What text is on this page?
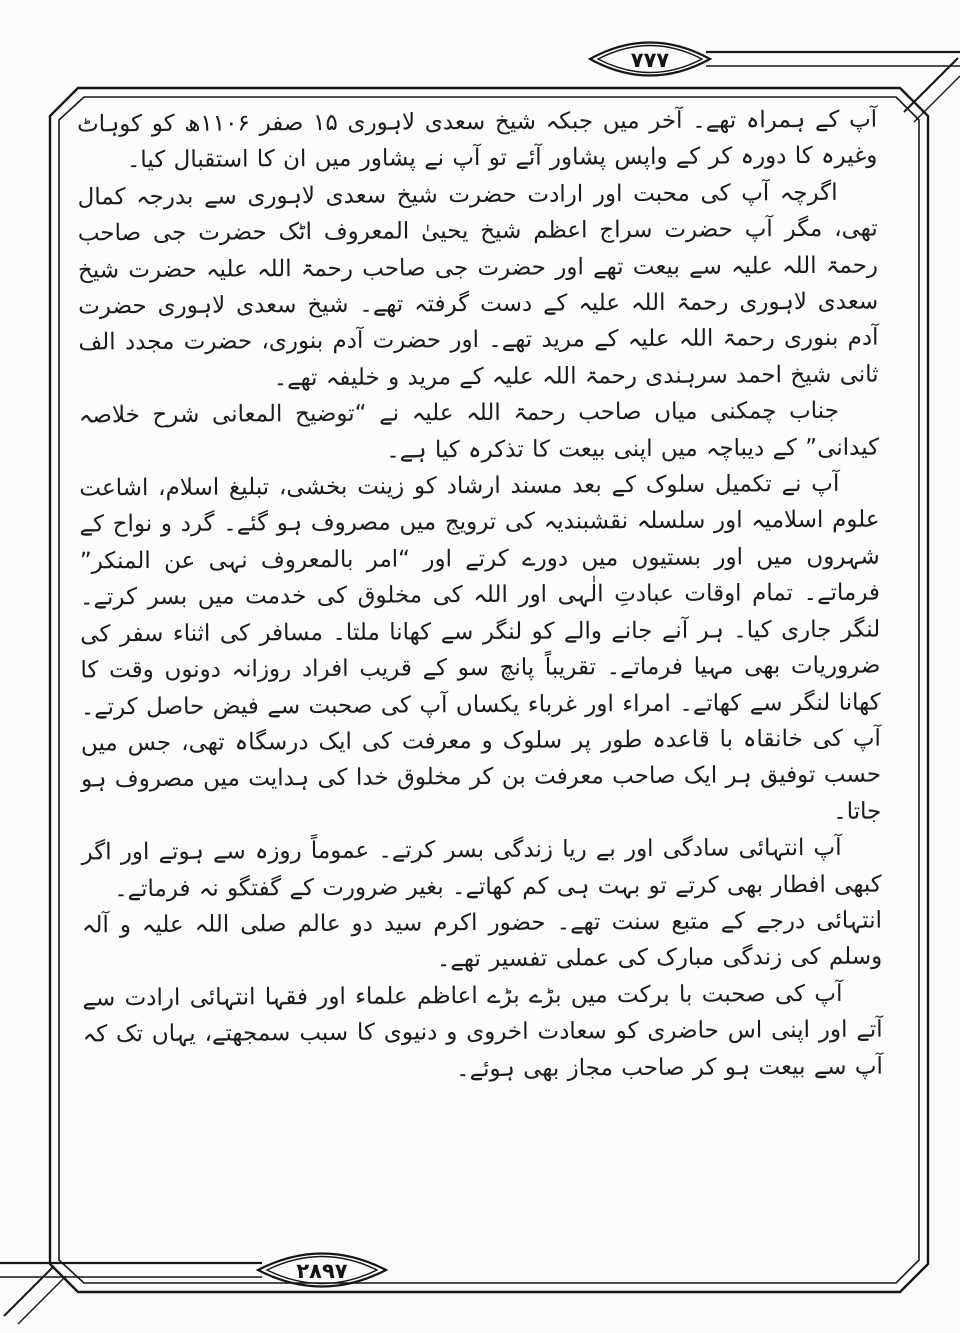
۷۷۷
۲۸۹۷

آپ کے ہمراہ تھے۔ آخر میں جبکہ شیخ سعدی لاہوری ۱۵ صفر ۱۱۰۶ھ کو کوہاٹ وغیرہ کا دورہ کر کے واپس پشاور آئے تو آپ نے پشاور میں ان کا استقبال کیا۔

اگرچہ آپ کی محبت اور ارادت حضرت شیخ سعدی لاہوری سے بدرجہ کمال تھی، مگر آپ حضرت سراج اعظم شیخ یحییٰ المعروف اٹک حضرت جی صاحب رحمۃ اللہ علیہ سے بیعت تھے اور حضرت جی صاحب رحمۃ اللہ علیہ حضرت شیخ سعدی لاہوری رحمۃ اللہ علیہ کے دست گرفتہ تھے۔ شیخ سعدی لاہوری حضرت آدم بنوری رحمۃ اللہ علیہ کے مرید تھے۔ اور حضرت آدم بنوری، حضرت مجدد الف ثانی شیخ احمد سرہندی رحمۃ اللہ علیہ کے مرید و خلیفہ تھے۔

جناب چمکنی میاں صاحب رحمۃ اللہ علیہ نے “توضیح المعانی شرح خلاصہ کیدانی” کے دیباچہ میں اپنی بیعت کا تذکرہ کیا ہے۔

آپ نے تکمیل سلوک کے بعد مسند ارشاد کو زینت بخشی، تبلیغ اسلام، اشاعت علوم اسلامیہ اور سلسلہ نقشبندیہ کی ترویج میں مصروف ہو گئے۔ گرد و نواح کے شہروں میں اور بستیوں میں دورے کرتے اور “امر بالمعروف نہی عن المنکر” فرماتے۔ تمام اوقات عبادتِ الٰہی اور اللہ کی مخلوق کی خدمت میں بسر کرتے۔ لنگر جاری کیا۔ ہر آنے جانے والے کو لنگر سے کھانا ملتا۔ مسافر کی اثناء سفر کی ضروریات بھی مہیا فرماتے۔ تقریباً پانچ سو کے قریب افراد روزانہ دونوں وقت کا کھانا لنگر سے کھاتے۔ امراء اور غرباء یکساں آپ کی صحبت سے فیض حاصل کرتے۔ آپ کی خانقاہ با قاعدہ طور پر سلوک و معرفت کی ایک درسگاہ تھی، جس میں حسب توفیق ہر ایک صاحب معرفت بن کر مخلوق خدا کی ہدایت میں مصروف ہو جاتا۔

آپ انتہائی سادگی اور بے ریا زندگی بسر کرتے۔ عموماً روزہ سے ہوتے اور اگر کبھی افطار بھی کرتے تو بہت ہی کم کھاتے۔ بغیر ضرورت کے گفتگو نہ فرماتے۔

انتہائی درجے کے متبع سنت تھے۔ حضور اکرم سید دو عالم صلی اللہ علیہ و آلہ وسلم کی زندگی مبارک کی عملی تفسیر تھے۔

آپ کی صحبت با برکت میں بڑے بڑے اعاظم علماء اور فقہا انتہائی ارادت سے آتے اور اپنی اس حاضری کو سعادت اخروی و دنیوی کا سبب سمجھتے، یہاں تک کہ آپ سے بیعت ہو کر صاحب مجاز بھی ہوئے۔
